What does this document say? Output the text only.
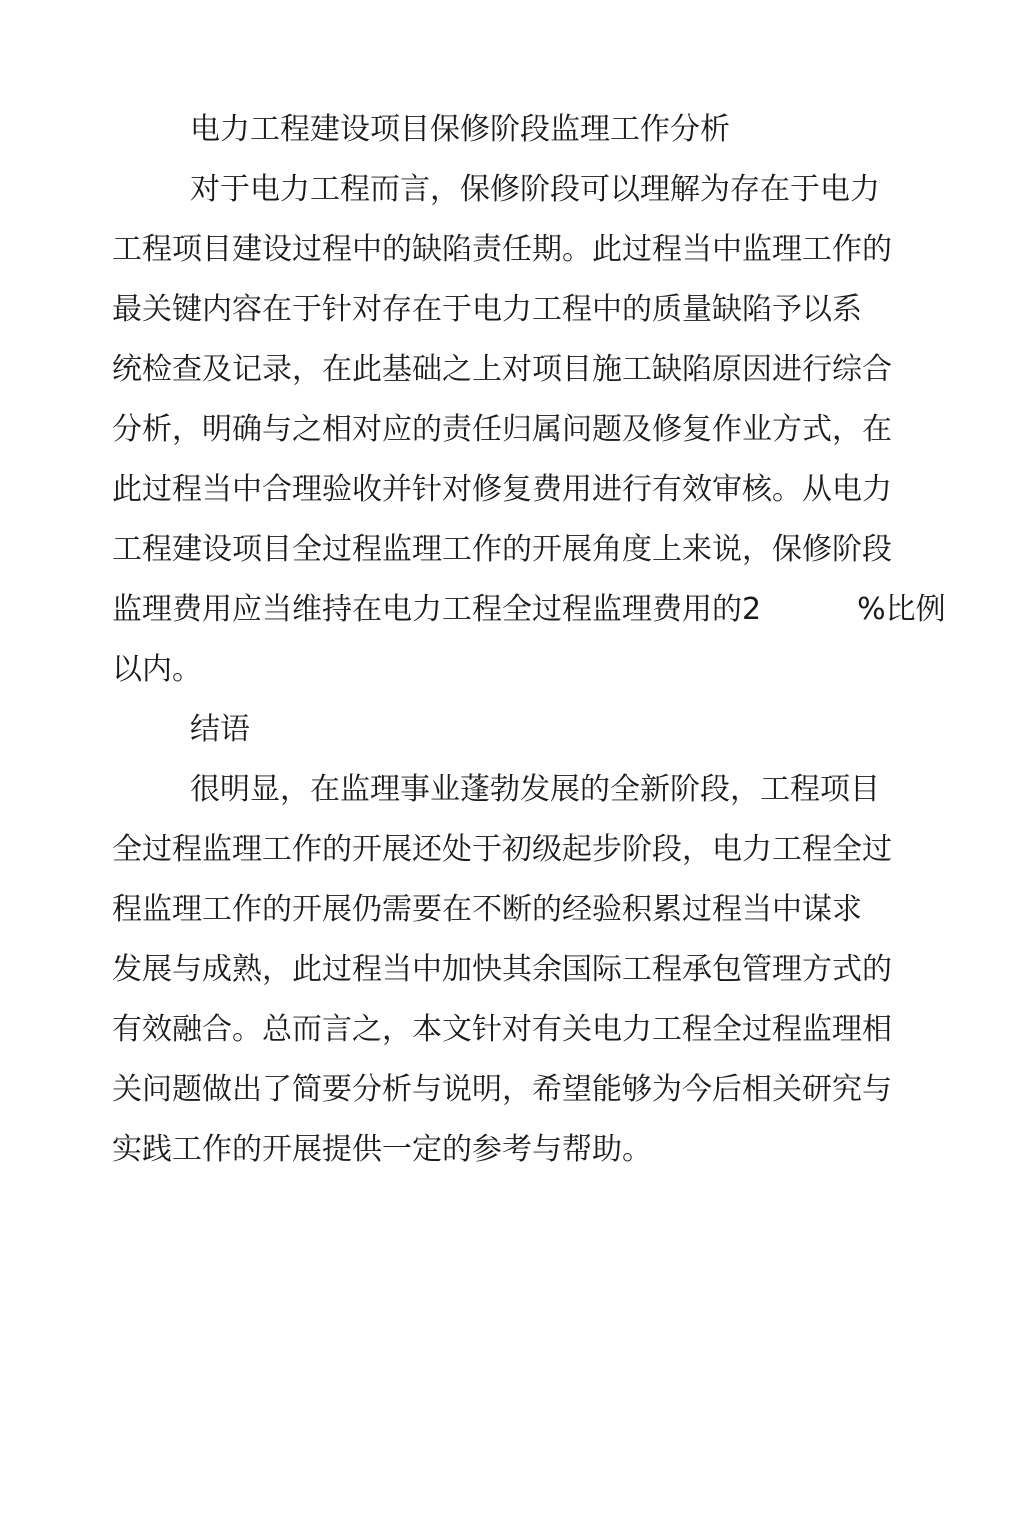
电力工程建设项目保修阶段监理工作分析
对于电力工程而言，保修阶段可以理解为存在于电力
工程项目建设过程中的缺陷责任期。此过程当中监理工作的
最关键内容在于针对存在于电力工程中的质量缺陷予以系
统检查及记录，在此基础之上对项目施工缺陷原因进行综合
分析，明确与之相对应的责任归属问题及修复作业方式，在
此过程当中合理验收并针对修复费用进行有效审核。从电力
工程建设项目全过程监理工作的开展角度上来说，保修阶段
监理费用应当维持在电力工程全过程监理费用的2	%比例
以内。
结语
很明显，在监理事业蓬勃发展的全新阶段，工程项目
全过程监理工作的开展还处于初级起步阶段，电力工程全过
程监理工作的开展仍需要在不断的经验积累过程当中谋求
发展与成熟，此过程当中加快其余国际工程承包管理方式的
有效融合。总而言之，本文针对有关电力工程全过程监理相
关问题做出了简要分析与说明，希望能够为今后相关研究与
实践工作的开展提供一定的参考与帮助。
